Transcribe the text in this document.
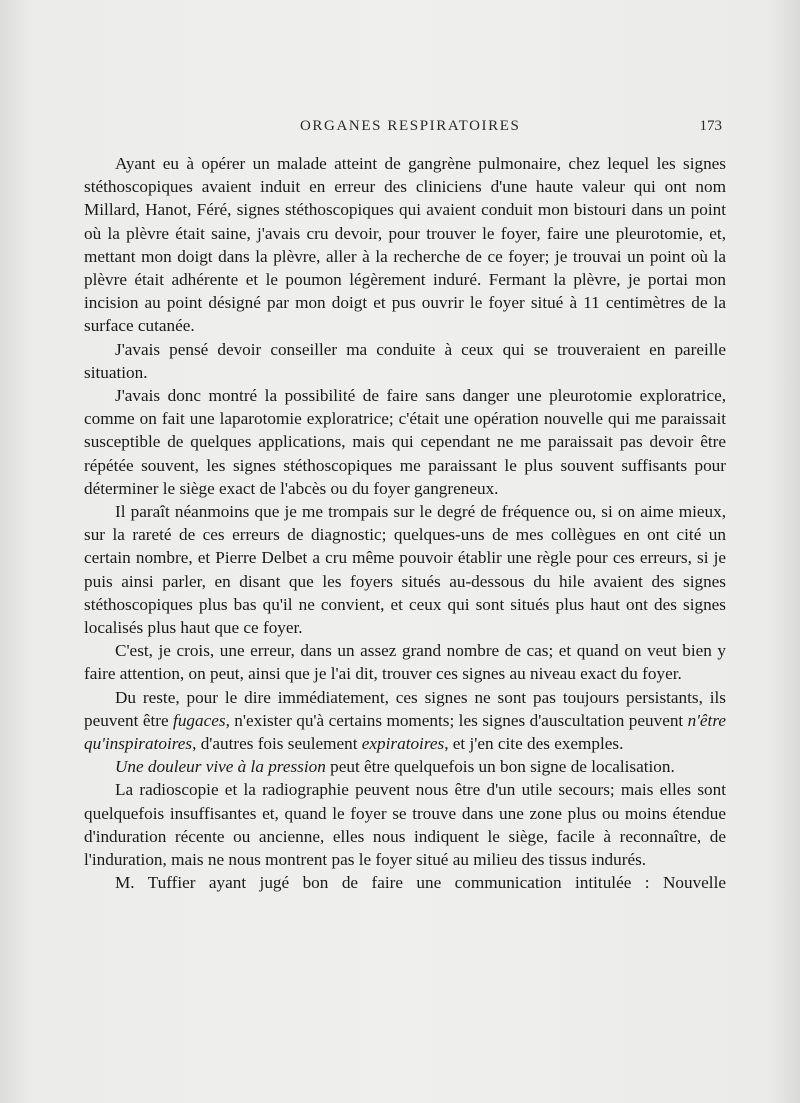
ORGANES RESPIRATOIRES	173

Ayant eu à opérer un malade atteint de gangrène pulmonaire, chez lequel les signes stéthoscopiques avaient induit en erreur des cliniciens d'une haute valeur qui ont nom Millard, Hanot, Féré, signes stéthoscopiques qui avaient conduit mon bistouri dans un point où la plèvre était saine, j'avais cru devoir, pour trouver le foyer, faire une pleurotomie, et, mettant mon doigt dans la plèvre, aller à la recherche de ce foyer; je trouvai un point où la plèvre était adhérente et le poumon légèrement induré. Fermant la plèvre, je portai mon incision au point désigné par mon doigt et pus ouvrir le foyer situé à 11 centimètres de la surface cutanée.

J'avais pensé devoir conseiller ma conduite à ceux qui se trouveraient en pareille situation.

J'avais donc montré la possibilité de faire sans danger une pleurotomie exploratrice, comme on fait une laparotomie exploratrice; c'était une opération nouvelle qui me paraissait susceptible de quelques applications, mais qui cependant ne me paraissait pas devoir être répétée souvent, les signes stéthoscopiques me paraissant le plus souvent suffisants pour déterminer le siège exact de l'abcès ou du foyer gangreneux.

Il paraît néanmoins que je me trompais sur le degré de fréquence ou, si on aime mieux, sur la rareté de ces erreurs de diagnostic; quelques-uns de mes collègues en ont cité un certain nombre, et Pierre Delbet a cru même pouvoir établir une règle pour ces erreurs, si je puis ainsi parler, en disant que les foyers situés au-dessous du hile avaient des signes stéthoscopiques plus bas qu'il ne convient, et ceux qui sont situés plus haut ont des signes localisés plus haut que ce foyer.

C'est, je crois, une erreur, dans un assez grand nombre de cas; et quand on veut bien y faire attention, on peut, ainsi que je l'ai dit, trouver ces signes au niveau exact du foyer.

Du reste, pour le dire immédiatement, ces signes ne sont pas toujours persistants, ils peuvent être fugaces, n'exister qu'à certains moments; les signes d'auscultation peuvent n'être qu'inspiratoires, d'autres fois seulement expiratoires, et j'en cite des exemples.

Une douleur vive à la pression peut être quelquefois un bon signe de localisation.

La radioscopie et la radiographie peuvent nous être d'un utile secours; mais elles sont quelquefois insuffisantes et, quand le foyer se trouve dans une zone plus ou moins étendue d'induration récente ou ancienne, elles nous indiquent le siège, facile à reconnaître, de l'induration, mais ne nous montrent pas le foyer situé au milieu des tissus indurés.

M. Tuffier ayant jugé bon de faire une communication intitulée : Nouvelle
